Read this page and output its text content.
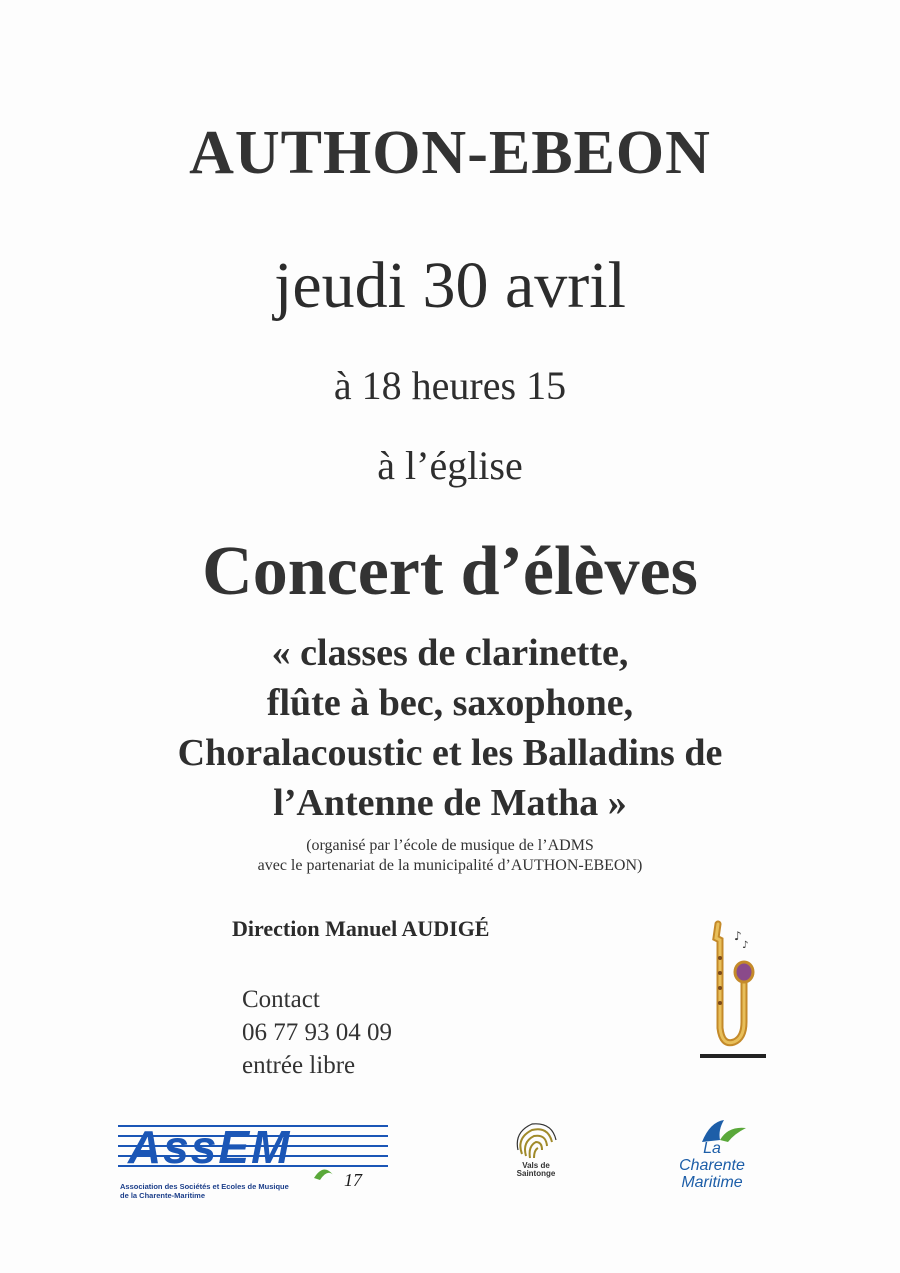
AUTHON-EBEON
jeudi 30 avril
à 18 heures 15
à l’église
Concert d’élèves
« classes de clarinette,
flûte à bec, saxophone,
Choralacoustic et les Balladins de
l’Antenne de Matha »
(organisé par l’école de musique de l’ADMS
avec le partenariat de la municipalité d’AUTHON-EBEON)
Direction Manuel AUDIGÉ
Contact
06 77 93 04 09
entrée libre
♪
♪
AssEM
17
Association des Sociétés et Ecoles de Musique
de la Charente-Maritime
Vals de
Saintonge
La
Charente
Maritime
